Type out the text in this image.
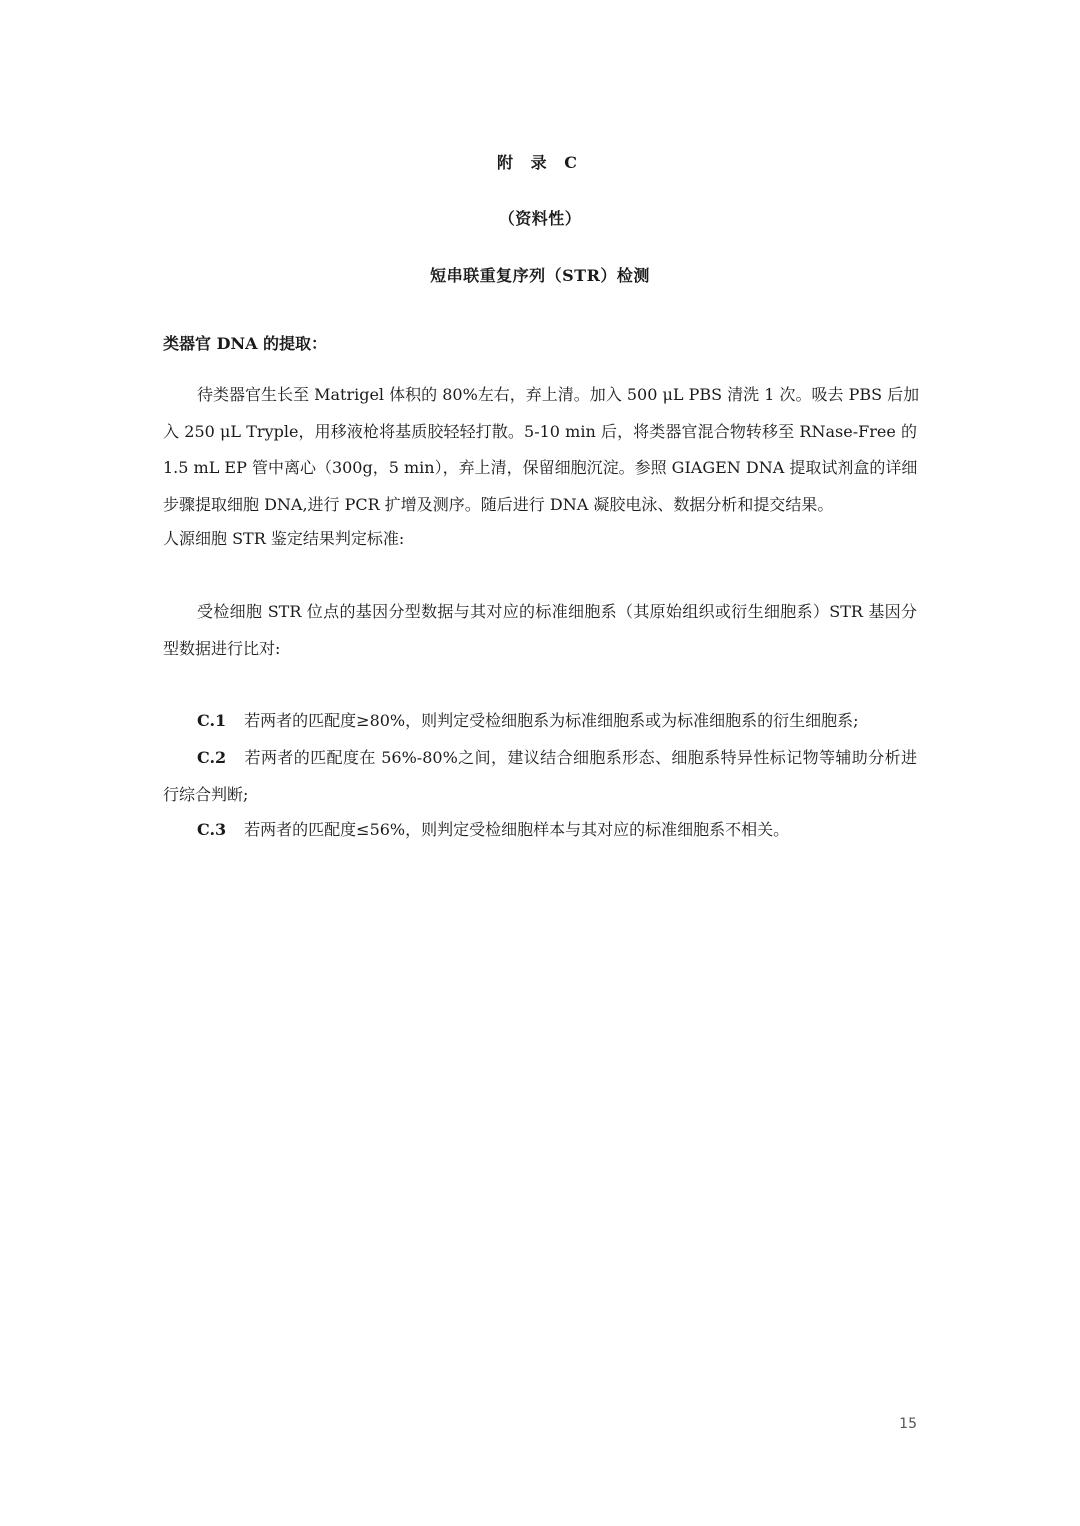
附 录 C
（资料性）
短串联重复序列（STR）检测
类器官 DNA 的提取：
待类器官生长至 Matrigel 体积的 80%左右，弃上清。加入 500 μL PBS 清洗 1 次。吸去 PBS 后加
入 250 μL Tryple，用移液枪将基质胶轻轻打散。5-10 min 后，将类器官混合物转移至 RNase-Free 的
1.5 mL EP 管中离心（300g，5 min），弃上清，保留细胞沉淀。参照 GIAGEN DNA 提取试剂盒的详细
步骤提取细胞 DNA,进行 PCR 扩增及测序。随后进行 DNA 凝胶电泳、数据分析和提交结果。
人源细胞 STR 鉴定结果判定标准:
受检细胞 STR 位点的基因分型数据与其对应的标准细胞系（其原始组织或衍生细胞系）STR 基因分型数据进行比对:
C.1 若两者的匹配度≥80%，则判定受检细胞系为标准细胞系或为标准细胞系的衍生细胞系;
C.2 若两者的匹配度在 56%-80%之间，建议结合细胞系形态、细胞系特异性标记物等辅助分析进行综合判断;
C.3 若两者的匹配度≤56%，则判定受检细胞样本与其对应的标准细胞系不相关。
15
